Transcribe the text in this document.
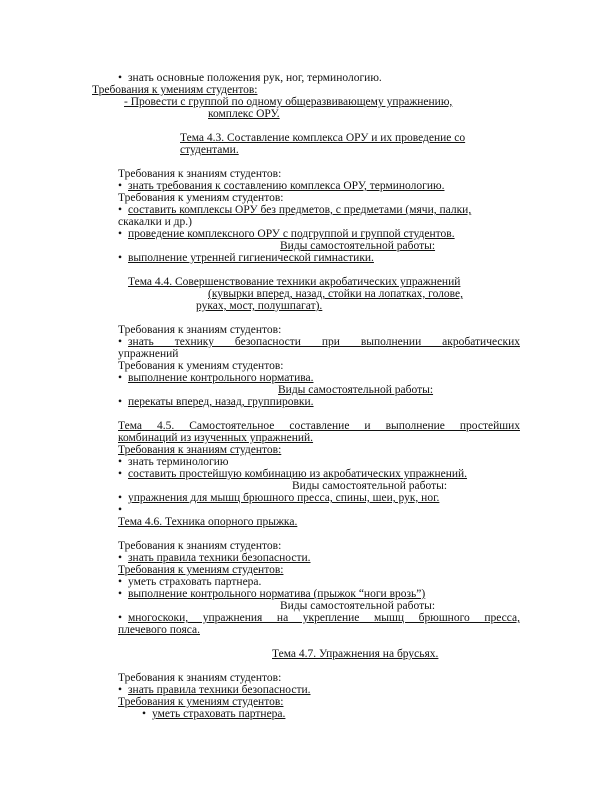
• знать основные положения рук, ног, терминологию.
Требования к умениям студентов:
- Провести с группой по одному общеразвивающему упражнению,
комплекс ОРУ.
Тема 4.3. Составление комплекса ОРУ и их проведение со
студентами.
Требования к знаниям студентов:
• знать требования к составлению комплекса ОРУ, терминологию.
Требования к умениям студентов:
• составить комплексы ОРУ без предметов, с предметами (мячи, палки,
скакалки и др.)
• проведение комплексного ОРУ с подгруппой и группой студентов.
Виды самостоятельной работы:
• выполнение утренней гигиенической гимнастики.
Тема 4.4. Совершенствование техники акробатических упражнений
(кувырки вперед, назад, стойки на лопатках, голове,
руках, мост, полушпагат).
Требования к знаниям студентов:
• знать технику безопасности при выполнении акробатических
упражнений
Требования к умениям студентов:
• выполнение контрольного норматива.
Виды самостоятельной работы:
• перекаты вперед, назад, группировки.
Тема 4.5. Самостоятельное составление и выполнение простейших
комбинаций из изученных упражнений.
Требования к знаниям студентов:
• знать терминологию
• составить простейшую комбинацию из акробатических упражнений.
Виды самостоятельной работы:
• упражнения для мышц брюшного пресса, спины, шеи, рук, ног.
•
Тема 4.6. Техника опорного прыжка.
Требования к знаниям студентов:
• знать правила техники безопасности.
Требования к умениям студентов:
• уметь страховать партнера.
• выполнение контрольного норматива (прыжок “ноги врозь”)
Виды самостоятельной работы:
• многоскоки, упражнения на укрепление мышц брюшного пресса,
плечевого пояса.
Тема 4.7. Упражнения на брусьях.
Требования к знаниям студентов:
• знать правила техники безопасности.
Требования к умениям студентов:
• уметь страховать партнера.
